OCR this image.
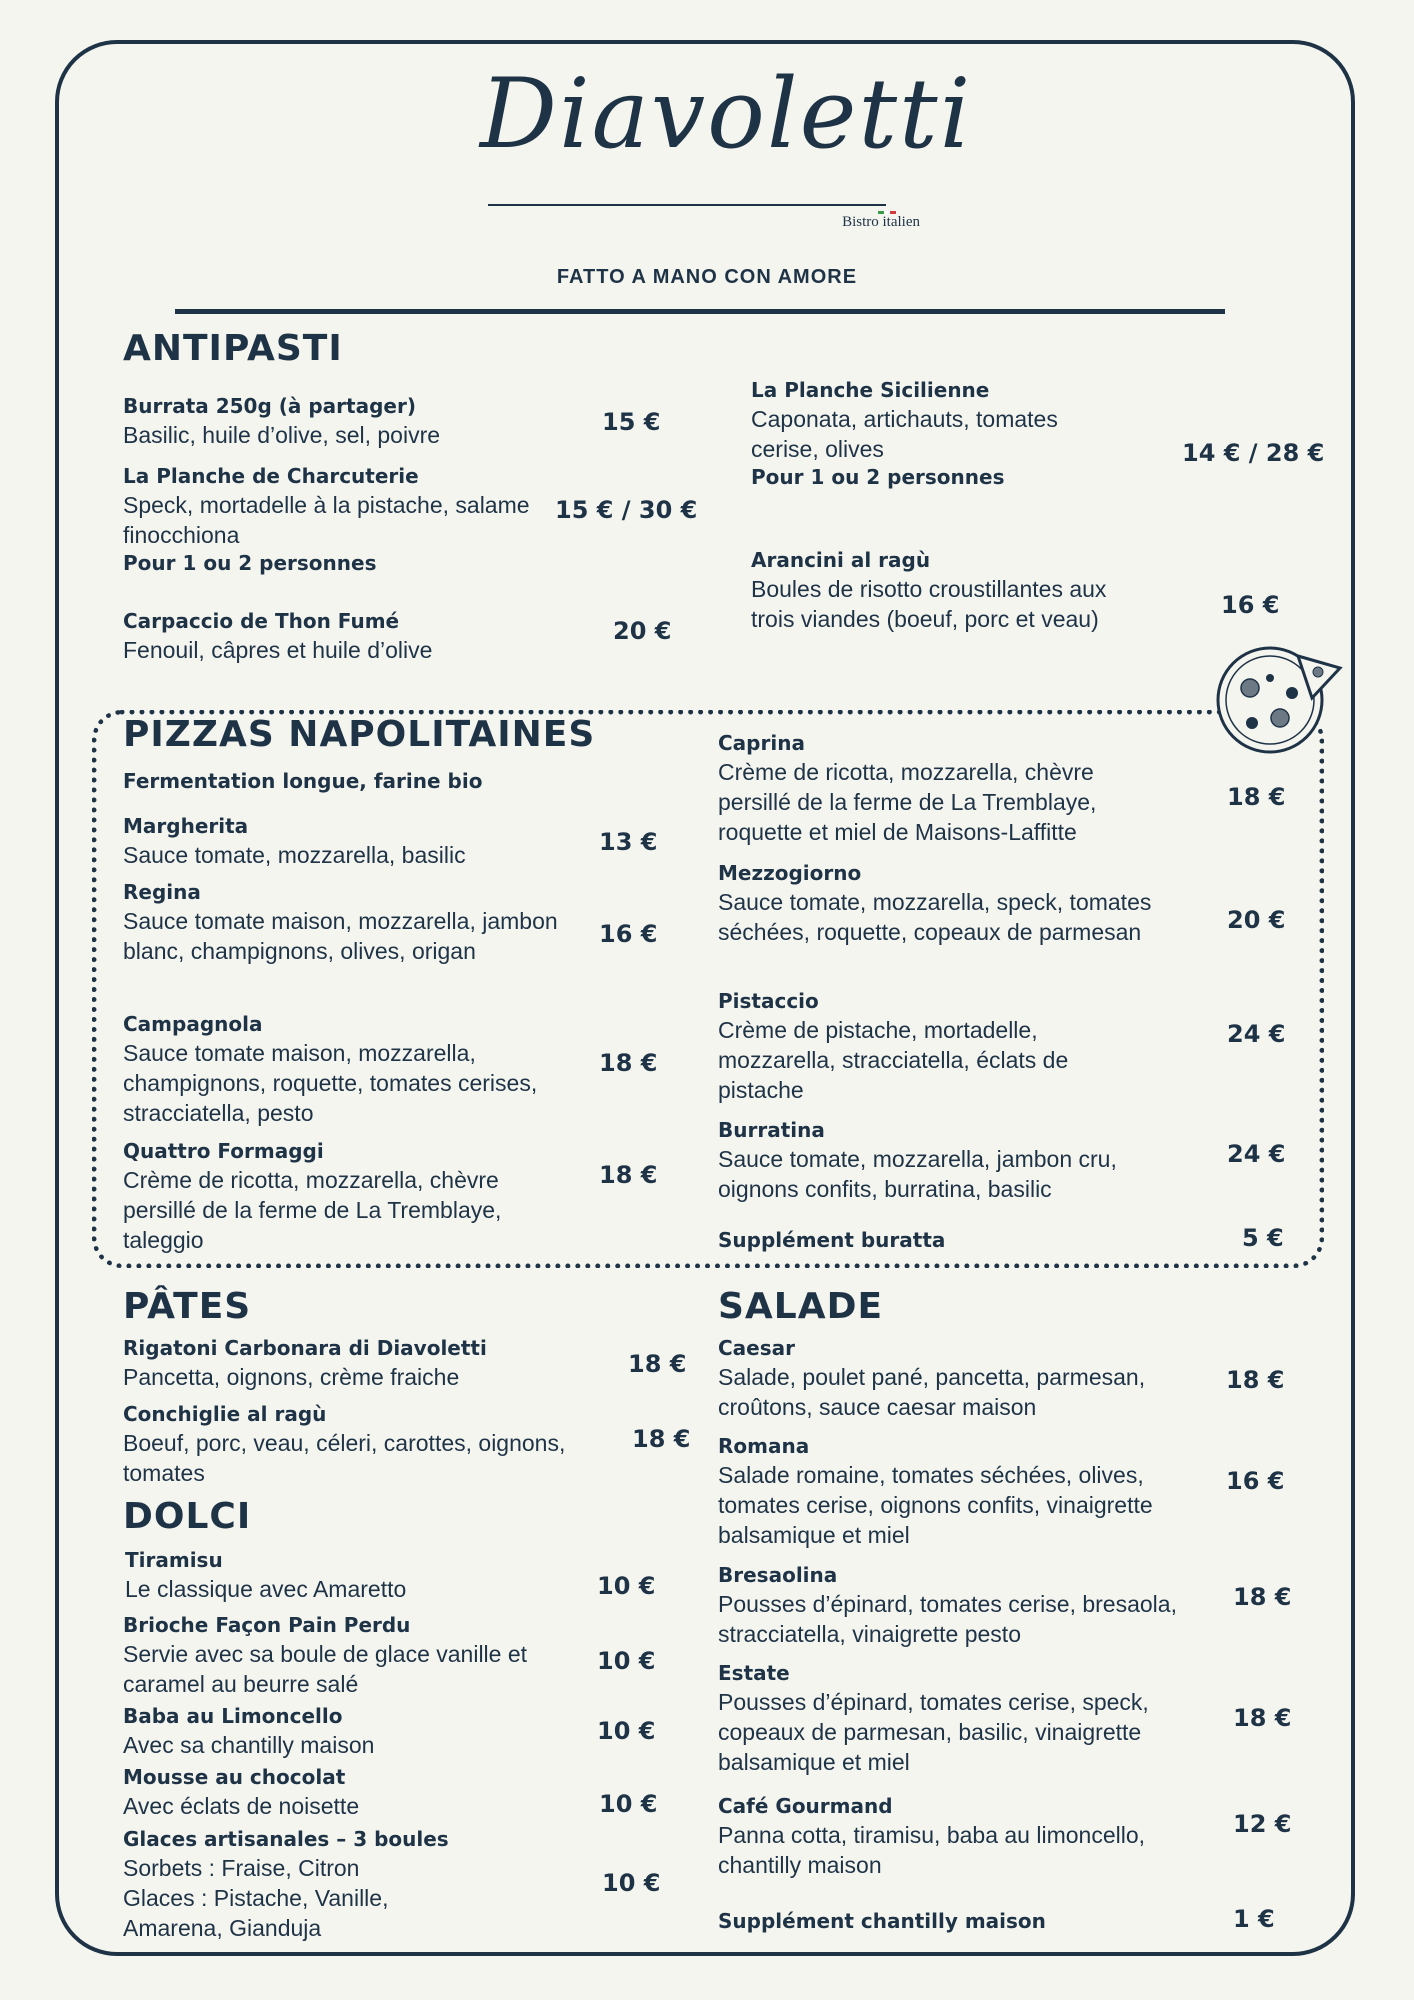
Diavoletti
Bistro italien
FATTO A MANO CON AMORE
ANTIPASTI
Burrata 250g (à partager)
Basilic, huile d’olive, sel, poivre	15 €
La Planche de Charcuterie
Speck, mortadelle à la pistache, salame finocchiona
Pour 1 ou 2 personnes
15 € / 30 €
Carpaccio de Thon Fumé
Fenouil, câpres et huile d’olive
20 €
La Planche Sicilienne
Caponata, artichauts, tomates cerise, olives
Pour 1 ou 2 personnes
14 € / 28 €
Arancini al ragù
Boules de risotto croustillantes aux trois viandes (boeuf, porc et veau)	16 €
PIZZAS NAPOLITAINES
Fermentation longue, farine bio
Margherita
Sauce tomate, mozzarella, basilic	13 €
Regina
Sauce tomate maison, mozzarella, jambon blanc, champignons, olives, origan
16 €
Campagnola
Sauce tomate maison, mozzarella, champignons, roquette, tomates cerises, stracciatella, pesto
18 €
Quattro Formaggi
Crème de ricotta, mozzarella, chèvre persillé de la ferme de La Tremblaye, taleggio
18 €
Caprina
Crème de ricotta, mozzarella, chèvre persillé de la ferme de La Tremblaye, roquette et miel de Maisons-Laffitte
18 €
Mezzogiorno
Sauce tomate, mozzarella, speck, tomates séchées, roquette, copeaux de parmesan	20 €
Pistaccio
Crème de pistache, mortadelle, mozzarella, stracciatella, éclats de pistache
24 €
Burratina
Sauce tomate, mozzarella, jambon cru, oignons confits, burratina, basilic
24 €
Supplément buratta	5 €
PÂTES
Rigatoni Carbonara di Diavoletti
Pancetta, oignons, crème fraiche	18 €
Conchiglie al ragù
Boeuf, porc, veau, céleri, carottes, oignons, tomates
18 €
DOLCI
Tiramisu
Le classique avec Amaretto	10 €
Brioche Façon Pain Perdu
Servie avec sa boule de glace vanille et caramel au beurre salé
10 €
Baba au Limoncello
Avec sa chantilly maison	10 €
Mousse au chocolat
Avec éclats de noisette	10 €
Glaces artisanales – 3 boules
Sorbets : Fraise, Citron
Glaces : Pistache, Vanille, Amarena, Gianduja
10 €
SALADE
Caesar
Salade, poulet pané, pancetta, parmesan, croûtons, sauce caesar maison
18 €
Romana
Salade romaine, tomates séchées, olives, tomates cerise, oignons confits, vinaigrette balsamique et miel
16 €
Bresaolina
Pousses d’épinard, tomates cerise, bresaola, stracciatella, vinaigrette pesto
18 €
Estate
Pousses d’épinard, tomates cerise, speck, copeaux de parmesan, basilic, vinaigrette balsamique et miel
18 €
Café Gourmand
Panna cotta, tiramisu, baba au limoncello, chantilly maison
12 €
Supplément chantilly maison	1 €
